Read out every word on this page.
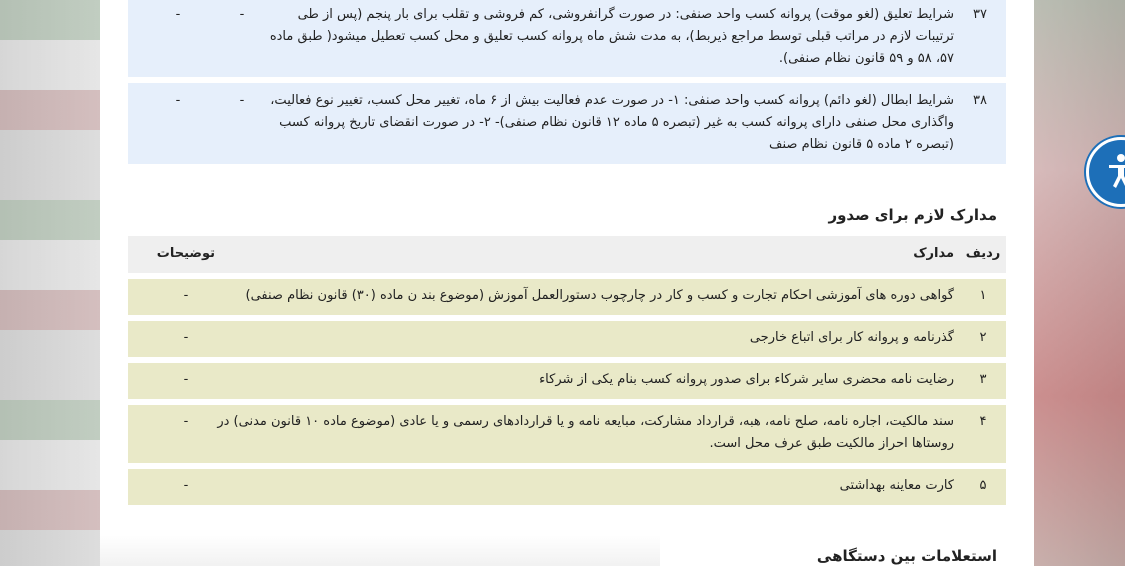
۳۷
شرایط تعلیق (لغو موقت) پروانه کسب واحد صنفی: در صورت گرانفروشی، کم فروشی و تقلب برای بار پنجم (پس از طی ترتیبات لازم در مراتب قبلی توسط مراجع ذیربط)، به مدت شش ماه پروانه کسب تعلیق و محل کسب تعطیل میشود( طبق ماده ۵۷، ۵۸ و ۵۹ قانون نظام صنفی).
-
-
۳۸
شرایط ابطال (لغو دائم) پروانه کسب واحد صنفی: ۱- در صورت عدم فعالیت بیش از ۶ ماه، تغییر محل کسب، تغییر نوع فعالیت، واگذاری محل صنفی دارای پروانه کسب به غیر (تبصره ۵ ماده ۱۲ قانون نظام صنفی)- ۲- در صورت انقضای تاریخ پروانه کسب (تبصره ۲ ماده ۵ قانون نظام صنف
-
-
مدارک لازم برای صدور
ردیف
مدارک
توضیحات
۱
گواهی دوره های آموزشی احکام تجارت و کسب و کار در چارچوب دستورالعمل آموزش (موضوع بند ن ماده (۳۰) قانون نظام صنفی)
-
۲
گذرنامه و پروانه کار برای اتباع خارجی
-
۳
رضایت نامه محضری سایر شرکاء برای صدور پروانه کسب بنام یکی از شرکاء
-
۴
سند مالکیت، اجاره نامه، صلح نامه، هبه، قرارداد مشارکت، مبایعه نامه و یا قراردادهای رسمی و یا عادی (موضوع ماده ۱۰ قانون مدنی) در روستاها احراز مالکیت طبق عرف محل است.
-
۵
کارت معاینه بهداشتی
-
استعلامات بین دستگاهی
